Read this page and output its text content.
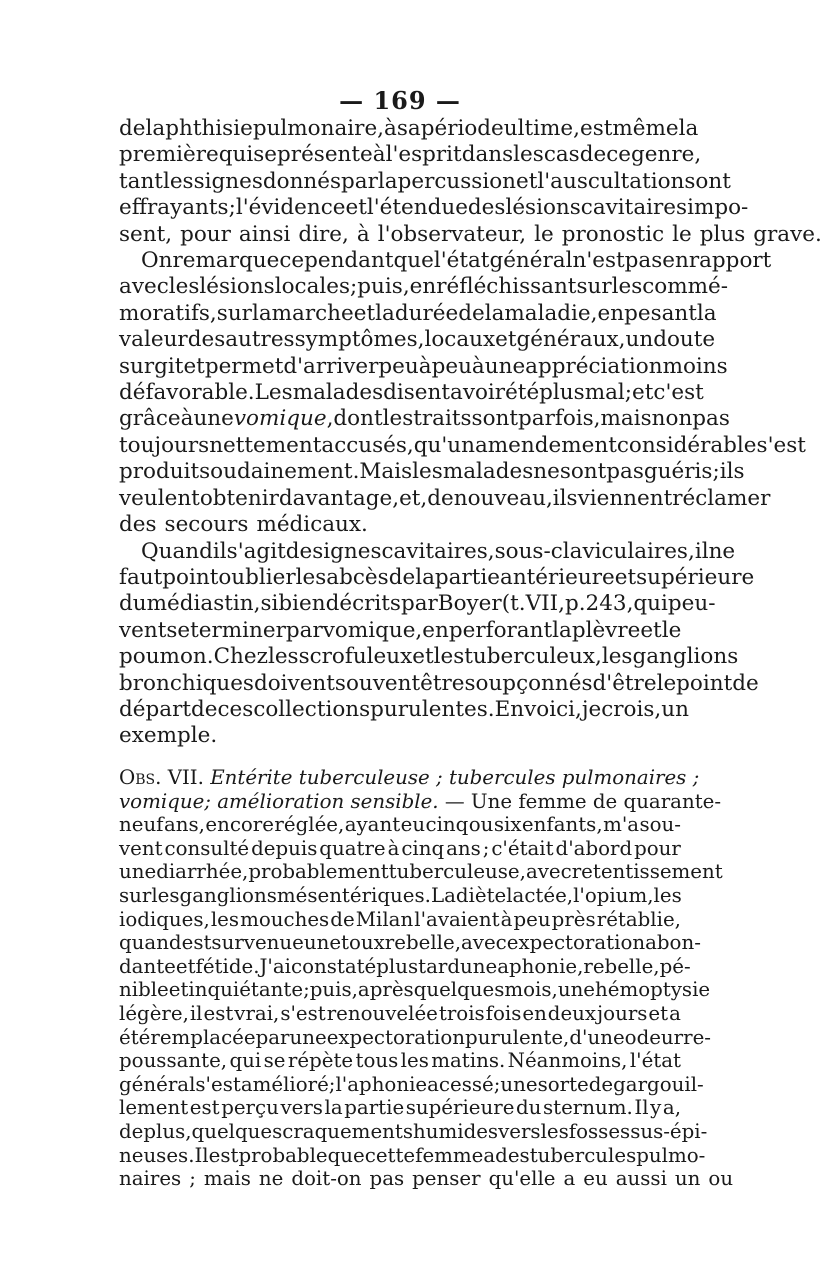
— 169 —

de la phthisie pulmonaire, à sa période ultime, est même la
première qui se présente à l'esprit dans les cas de ce genre,
tant les signes donnés par la percussion et l'auscultation sont
effrayants ; l'évidence et l'étendue des lésions cavitaires impo-
sent, pour ainsi dire, à l'observateur, le pronostic le plus grave.

On remarque cependant que l'état général n'est pas en rapport
avec les lésions locales ; puis, en réfléchissant sur les commé-
moratifs, sur la marche et la durée de la maladie, en pesant la
valeur des autres symptômes, locaux et généraux, un doute
surgit et permet d'arriver peu à peu à une appréciation moins
défavorable. Les malades disent avoir été plus mal ; et c'est
grâce à une vomique, dont les traits sont parfois, mais non pas
toujours nettement accusés, qu'un amendement considérable s'est
produit soudainement. Mais les malades ne sont pas guéris ; ils
veulent obtenir davantage, et, de nouveau, ils viennent réclamer
des secours médicaux.

Quand il s'agit de signes cavitaires, sous-claviculaires, il ne
faut point oublier les abcès de la partie antérieure et supérieure
du médiastin, si bien décrits par Boyer (t. VII, p. 243, qui peu-
vent se terminer par vomique, en perforant la plèvre et le
poumon. Chez les scrofuleux et les tuberculeux, les ganglions
bronchiques doivent souvent être soupçonnés d'être le point de
départ de ces collections purulentes. En voici, je crois, un
exemple.

Obs. VII. Entérite tuberculeuse ; tubercules pulmonaires ;
vomique; amélioration sensible. — Une femme de quarante-
neuf ans, encore réglée, ayant eu cinq ou six enfants, m'a sou-
vent consulté depuis quatre à cinq ans ; c'était d'abord pour
une diarrhée, probablement tuberculeuse, avec retentissement
sur les ganglions mésentériques. La diète lactée, l'opium, les
iodiques, les mouches de Milan l'avaient à peu près rétablie,
quand est survenue une toux rebelle, avec expectoration abon-
dante et fétide. J'ai constaté plus tard une aphonie, rebelle, pé-
nible et inquiétante ; puis, après quelques mois, une hémoptysie
légère, il est vrai, s'est renouvelée trois fois en deux jours et a
été remplacée par une expectoration purulente, d'une odeur re-
poussante, qui se répète tous les matins. Néanmoins, l'état
général s'est amélioré ; l'aphonie a cessé ; une sorte de gargouil-
lement est perçu vers la partie supérieure du sternum. Il y a,
de plus, quelques craquements humides vers les fosses sus-épi-
neuses. Il est probable que cette femme a des tubercules pulmo-
naires ; mais ne doit-on pas penser qu'elle a eu aussi un ou
